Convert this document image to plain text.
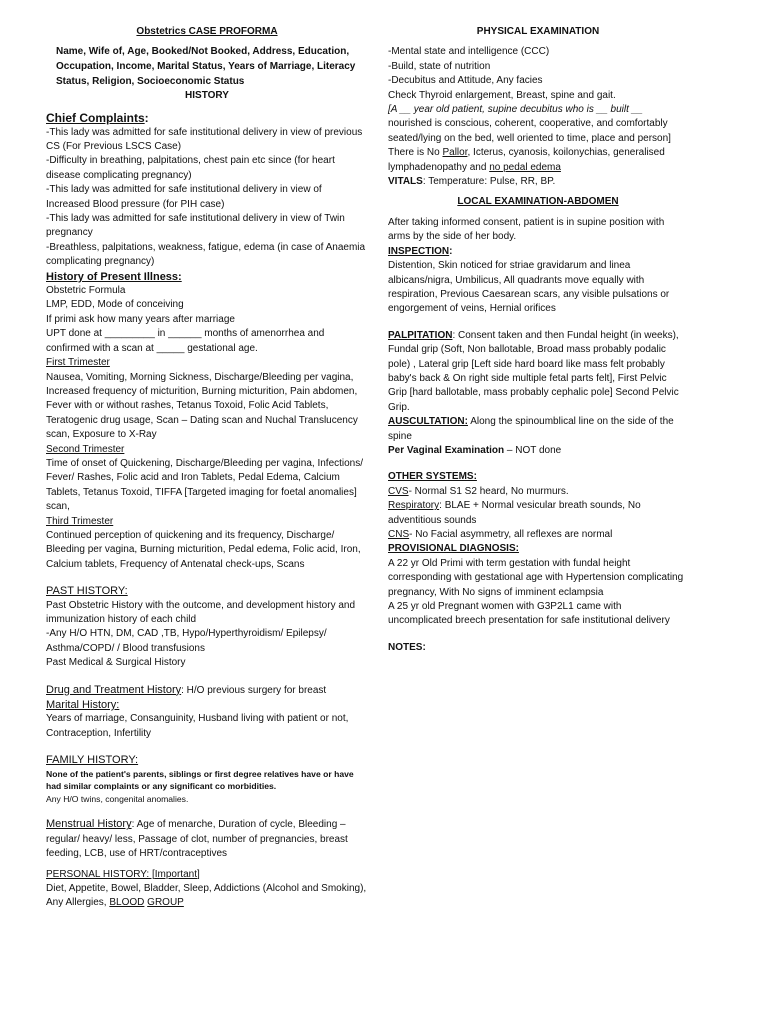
Obstetrics CASE PROFORMA

Name, Wife of, Age, Booked/Not Booked, Address, Education, Occupation, Income, Marital Status, Years of Marriage, Literacy Status, Religion, Socioeconomic Status

HISTORY

Chief Complaints:

-This lady was admitted for safe institutional delivery in view of previous CS (For Previous LSCS Case)

-Difficulty in breathing, palpitations, chest pain etc since (for heart disease complicating pregnancy)

-This lady was admitted for safe institutional delivery in view of Increased Blood pressure (for PIH case)

-This lady was admitted for safe institutional delivery in view of Twin pregnancy

-Breathless, palpitations, weakness, fatigue, edema (in case of Anaemia complicating pregnancy)

History of Present Illness:

Obstetric Formula

LMP, EDD, Mode of conceiving

If primi ask how many years after marriage

UPT done at _________ in ______ months of amenorrhea and confirmed with a scan at _____ gestational age.

First Trimester

Nausea, Vomiting, Morning Sickness, Discharge/Bleeding per vagina, Increased frequency of micturition, Burning micturition, Pain abdomen, Fever with or without rashes, Tetanus Toxoid, Folic Acid Tablets, Teratogenic drug usage, Scan – Dating scan and Nuchal Translucency scan, Exposure to X-Ray

Second Trimester

Time of onset of Quickening, Discharge/Bleeding per vagina, Infections/ Fever/ Rashes, Folic acid and Iron Tablets, Pedal Edema, Calcium Tablets, Tetanus Toxoid, TIFFA [Targeted imaging for foetal anomalies] scan,

Third Trimester

Continued perception of quickening and its frequency, Discharge/ Bleeding per vagina, Burning micturition, Pedal edema, Folic acid, Iron, Calcium tablets, Frequency of Antenatal check-ups, Scans

PAST HISTORY:

Past Obstetric History with the outcome, and development history and immunization history of each child

-Any H/O HTN, DM, CAD ,TB, Hypo/Hyperthyroidism/ Epilepsy/ Asthma/COPD/ / Blood transfusions

Past Medical & Surgical History

Drug and Treatment History: H/O previous surgery for breast

Marital History:

Years of marriage, Consanguinity, Husband living with patient or not, Contraception, Infertility

FAMILY HISTORY:

None of the patient's parents, siblings or first degree relatives have or have had similar complaints or any significant co morbidities.

Any H/O twins, congenital anomalies.

Menstrual History: Age of menarche, Duration of cycle, Bleeding – regular/ heavy/ less, Passage of clot, number of pregnancies, breast feeding, LCB, use of HRT/contraceptives

PERSONAL HISTORY: [Important]

Diet, Appetite, Bowel, Bladder, Sleep, Addictions (Alcohol and Smoking), Any Allergies, BLOOD GROUP

PHYSICAL EXAMINATION

-Mental state and intelligence (CCC)

-Build, state of nutrition

-Decubitus and Attitude, Any facies

Check Thyroid enlargement, Breast, spine and gait.

[A __ year old patient, supine decubitus who is __ built __ nourished is conscious, coherent, cooperative, and comfortably seated/lying on the bed, well oriented to time, place and person]

There is No Pallor, Icterus, cyanosis, koilonychias, generalised lymphadenopathy and no pedal edema

VITALS: Temperature: Pulse, RR, BP.

LOCAL EXAMINATION-ABDOMEN

After taking informed consent, patient is in supine position with arms by the side of her body.

INSPECTION:

Distention, Skin noticed for striae gravidarum and linea albicans/nigra, Umbilicus, All quadrants move equally with respiration, Previous Caesarean scars, any visible pulsations or engorgement of veins, Hernial orifices

PALPITATION: Consent taken and then Fundal height (in weeks), Fundal grip (Soft, Non ballotable, Broad mass probably podalic pole) , Lateral grip [Left side hard board like mass felt probably baby's back & On right side multiple fetal parts felt], First Pelvic Grip [hard ballotable, mass probably cephalic pole] Second Pelvic Grip.

AUSCULTATION: Along the spinoumblical line on the side of the spine

Per Vaginal Examination – NOT done

OTHER SYSTEMS:

CVS- Normal S1 S2 heard, No murmurs.

Respiratory: BLAE + Normal vesicular breath sounds, No adventitious sounds

CNS- No Facial asymmetry, all reflexes are normal

PROVISIONAL DIAGNOSIS:

A 22 yr Old Primi with term gestation with fundal height corresponding with gestational age with Hypertension complicating pregnancy, With No signs of imminent eclampsia

A 25 yr old Pregnant women with G3P2L1 came with uncomplicated breech presentation for safe institutional delivery

NOTES:
